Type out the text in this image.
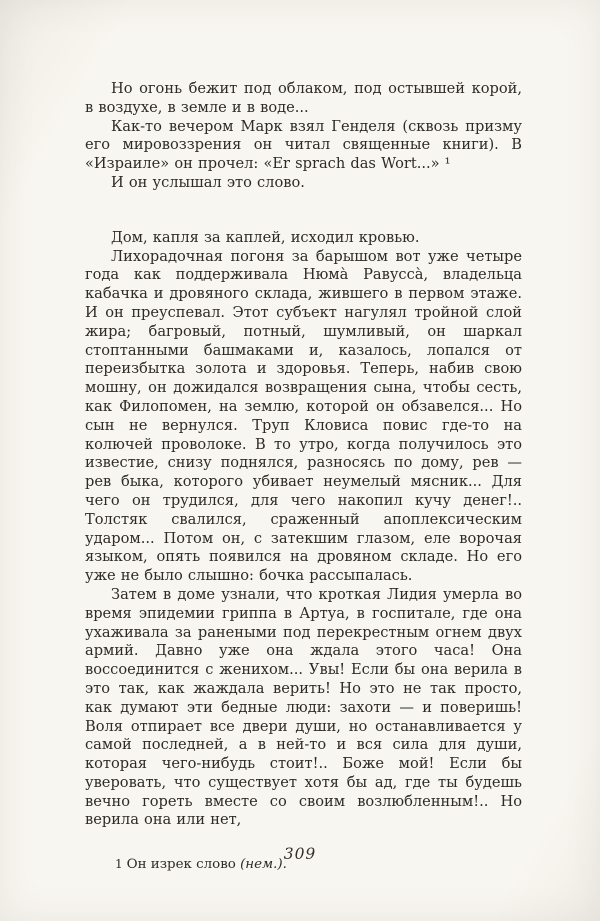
Но огонь бежит под облаком, под остывшей корой, в воздухе, в земле и в воде...

Как-то вечером Марк взял Генделя (сквозь призму его мировоззрения он читал священные книги). В «Израиле» он прочел: «Er sprach das Wort...» ¹

И он услышал это слово.

Дом, капля за каплей, исходил кровью.

Лихорадочная погоня за барышом вот уже четыре года как поддерживала Нюма̀ Равусса̀, владельца кабачка и дровяного склада, жившего в первом этаже. И он преуспевал. Этот субъект нагулял тройной слой жира; багровый, потный, шумливый, он шаркал стоптанными башмаками и, казалось, лопался от переизбытка золота и здоровья. Теперь, набив свою мошну, он дожидался возвращения сына, чтобы сесть, как Филопомен, на землю, которой он обзавелся... Но сын не вернулся. Труп Кловиса повис где-то на колючей проволоке. В то утро, когда получилось это известие, снизу поднялся, разносясь по дому, рев — рев быка, которого убивает неумелый мясник... Для чего он трудился, для чего накопил кучу денег!.. Толстяк свалился, сраженный апоплексическим ударом... Потом он, с затекшим глазом, еле ворочая языком, опять появился на дровяном складе. Но его уже не было слышно: бочка рассыпалась.

Затем в доме узнали, что кроткая Лидия умерла во время эпидемии гриппа в Артуа, в госпитале, где она ухаживала за ранеными под перекрестным огнем двух армий. Давно уже она ждала этого часа! Она воссоединится с женихом... Увы! Если бы она верила в это так, как жаждала верить! Но это не так просто, как думают эти бедные люди: захоти — и поверишь! Воля отпирает все двери души, но останавливается у самой последней, а в ней-то и вся сила для души, которая чего-нибудь стоит!.. Боже мой! Если бы уверовать, что существует хотя бы ад, где ты будешь вечно гореть вместе со своим возлюбленным!.. Но верила она или нет,

$^1$ Он изрек слово (нем.).
309
